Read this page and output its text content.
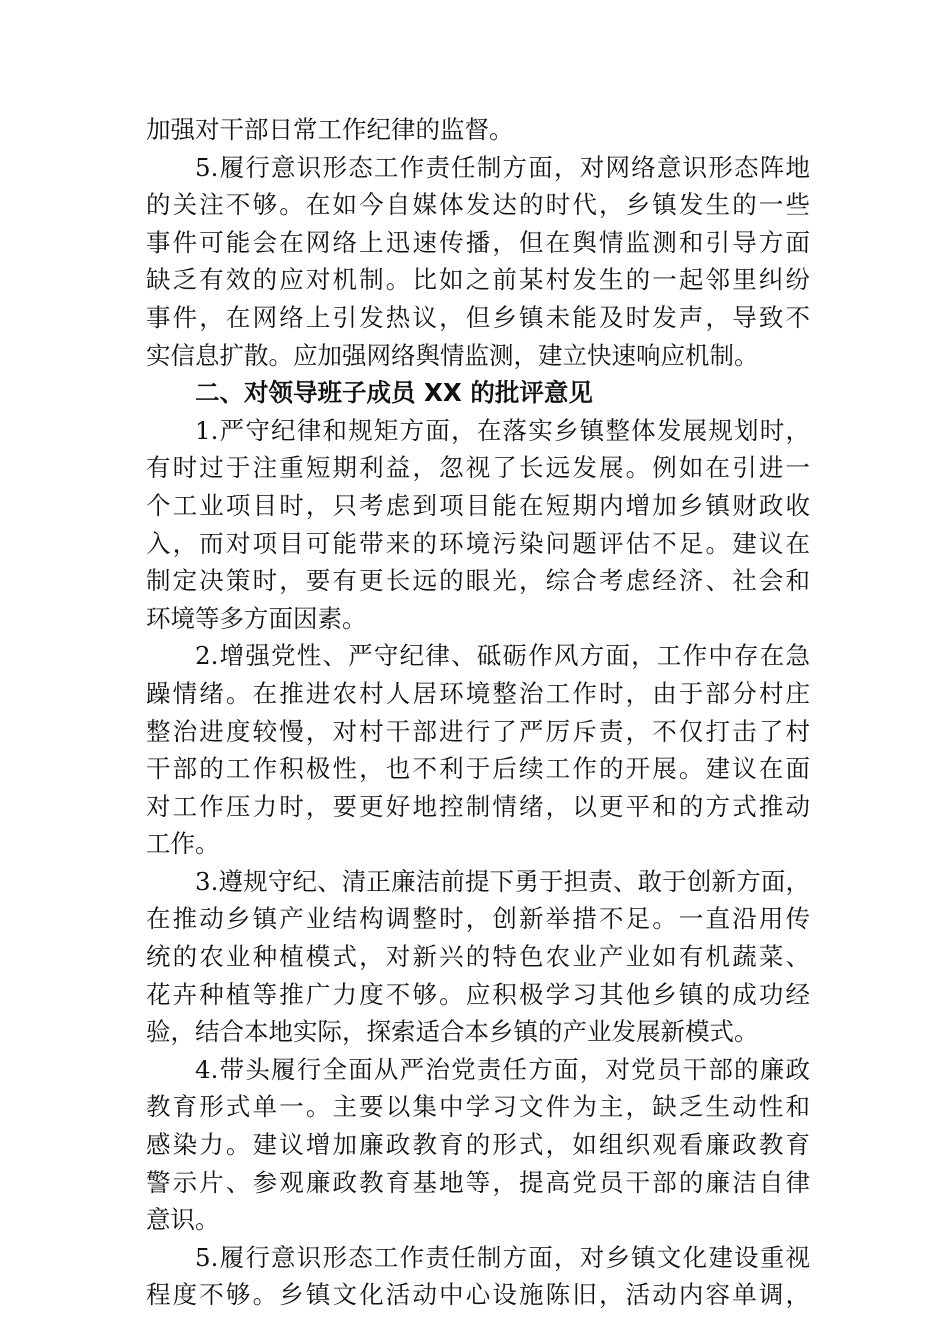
加强对干部日常工作纪律的监督。
5.履行意识形态工作责任制方面，对网络意识形态阵地
的关注不够。在如今自媒体发达的时代，乡镇发生的一些
事件可能会在网络上迅速传播，但在舆情监测和引导方面
缺乏有效的应对机制。比如之前某村发生的一起邻里纠纷
事件，在网络上引发热议，但乡镇未能及时发声，导致不
实信息扩散。应加强网络舆情监测，建立快速响应机制。
二、对领导班子成员 XX 的批评意见
1.严守纪律和规矩方面，在落实乡镇整体发展规划时，
有时过于注重短期利益，忽视了长远发展。例如在引进一
个工业项目时，只考虑到项目能在短期内增加乡镇财政收
入，而对项目可能带来的环境污染问题评估不足。建议在
制定决策时，要有更长远的眼光，综合考虑经济、社会和
环境等多方面因素。
2.增强党性、严守纪律、砥砺作风方面，工作中存在急
躁情绪。在推进农村人居环境整治工作时，由于部分村庄
整治进度较慢，对村干部进行了严厉斥责，不仅打击了村
干部的工作积极性，也不利于后续工作的开展。建议在面
对工作压力时，要更好地控制情绪，以更平和的方式推动
工作。
3.遵规守纪、清正廉洁前提下勇于担责、敢于创新方面，
在推动乡镇产业结构调整时，创新举措不足。一直沿用传
统的农业种植模式，对新兴的特色农业产业如有机蔬菜、
花卉种植等推广力度不够。应积极学习其他乡镇的成功经
验，结合本地实际，探索适合本乡镇的产业发展新模式。
4.带头履行全面从严治党责任方面，对党员干部的廉政
教育形式单一。主要以集中学习文件为主，缺乏生动性和
感染力。建议增加廉政教育的形式，如组织观看廉政教育
警示片、参观廉政教育基地等，提高党员干部的廉洁自律
意识。
5.履行意识形态工作责任制方面，对乡镇文化建设重视
程度不够。乡镇文化活动中心设施陈旧，活动内容单调，
